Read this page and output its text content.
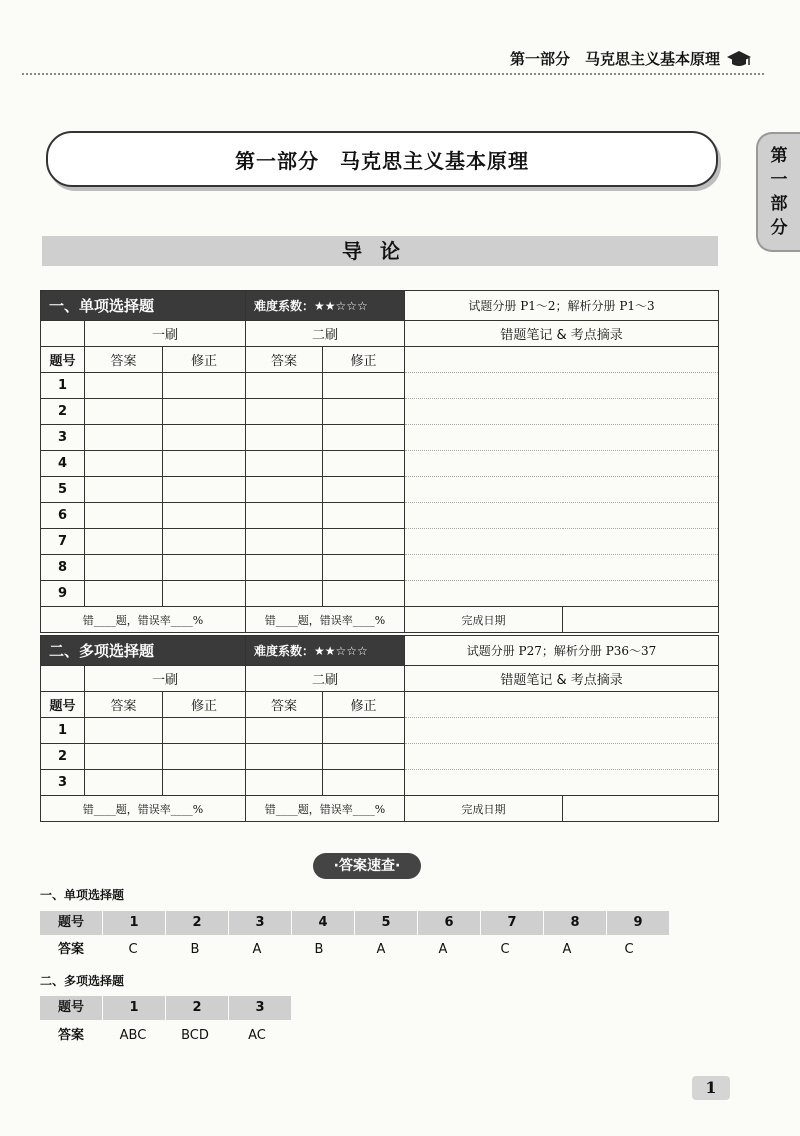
第一部分　马克思主义基本原理
第一部分
第一部分　马克思主义基本原理
导论
一、单项选择题			难度系数：★★☆☆☆		试题分册 P1～2；解析分册 P1～3	
	一刷		二刷		错题笔记 & 考点摘录	
题号	答案	修正	答案	修正		
1						
2						
3						
4						
5						
6						
7						
8						
9						
错____题，错误率____%			错____题，错误率____%		完成日期	
二、多项选择题			难度系数：★★☆☆☆		试题分册 P27；解析分册 P36～37	
	一刷		二刷		错题笔记 & 考点摘录	
题号	答案	修正	答案	修正		
1						
2						
3						
错____题，错误率____%			错____题，错误率____%		完成日期	
·答案速查·
一、单项选择题
题号	1	2	3	4	5	6	7	8	9
答案	C	B	A	B	A	A	C	A	C
二、多项选择题
题号	1	2	3
答案	ABC	BCD	AC
1
